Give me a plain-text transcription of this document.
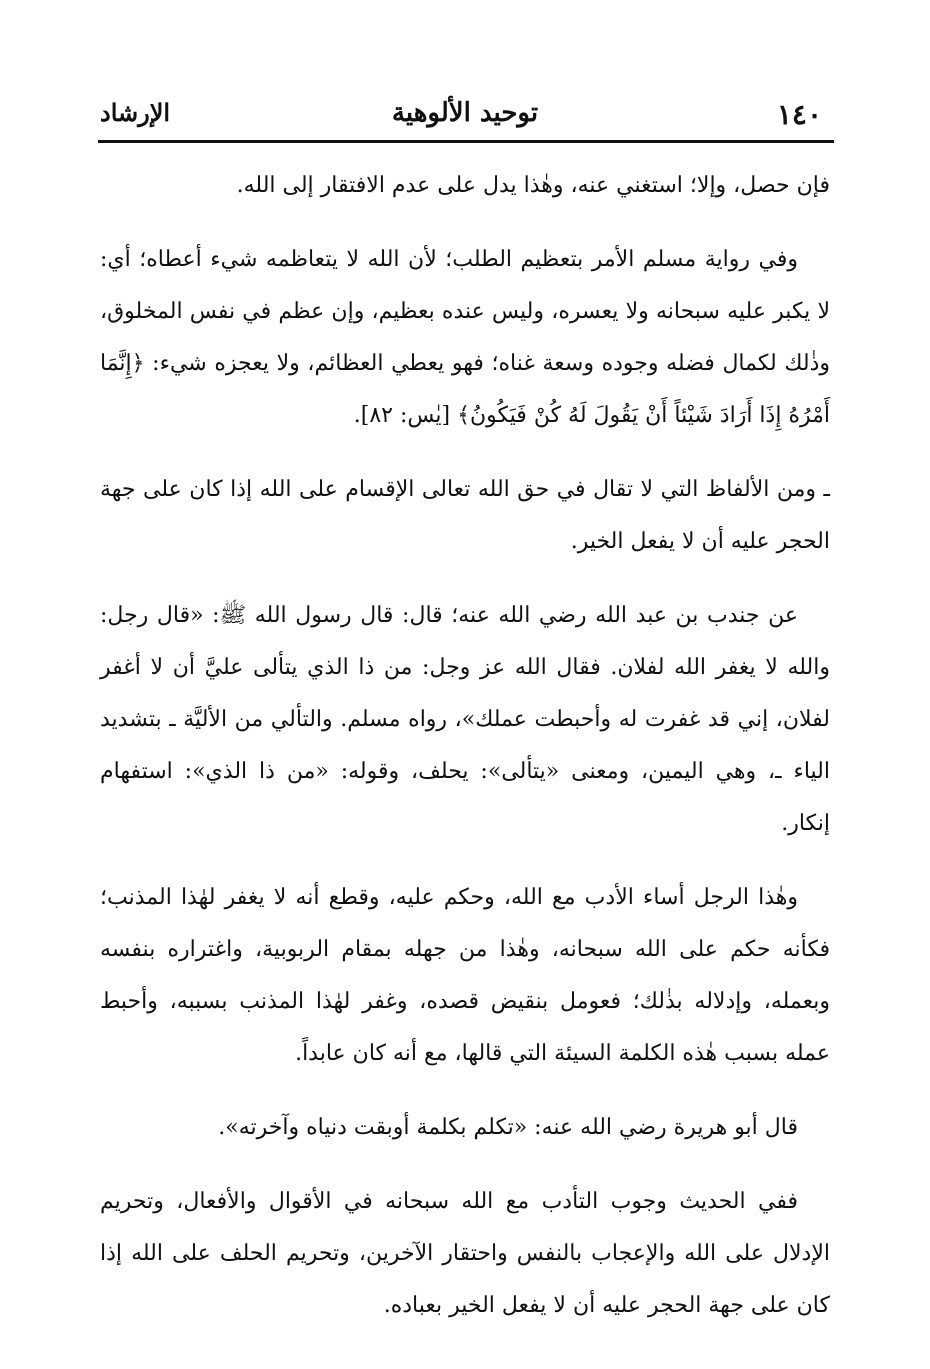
١٤٠
توحيد الألوهية
الإرشاد

فإن حصل، وإلا؛ استغني عنه، وهٰذا يدل على عدم الافتقار إلى الله.

وفي رواية مسلم الأمر بتعظيم الطلب؛ لأن الله لا يتعاظمه شيء أعطاه؛ أي: لا يكبر عليه سبحانه ولا يعسره، وليس عنده بعظيم، وإن عظم في نفس المخلوق، وذٰلك لكمال فضله وجوده وسعة غناه؛ فهو يعطي العظائم، ولا يعجزه شيء: ﴿إِنَّمَا أَمْرُهُ إِذَا أَرَادَ شَيْئاً أَنْ يَقُولَ لَهُ كُنْ فَيَكُونُ﴾ [يٰس: ٨٢].

ـ ومن الألفاظ التي لا تقال في حق الله تعالى الإقسام على الله إذا كان على جهة الحجر عليه أن لا يفعل الخير.

عن جندب بن عبد الله رضي الله عنه؛ قال: قال رسول الله ﷺ: «قال رجل: والله لا يغفر الله لفلان. فقال الله عز وجل: من ذا الذي يتألى عليَّ أن لا أغفر لفلان، إني قد غفرت له وأحبطت عملك»، رواه مسلم. والتألي من الأليَّة ـ بتشديد الياء ـ، وهي اليمين، ومعنى «يتألى»: يحلف، وقوله: «من ذا الذي»: استفهام إنكار.

وهٰذا الرجل أساء الأدب مع الله، وحكم عليه، وقطع أنه لا يغفر لهٰذا المذنب؛ فكأنه حكم على الله سبحانه، وهٰذا من جهله بمقام الربوبية، واغتراره بنفسه وبعمله، وإدلاله بذٰلك؛ فعومل بنقيض قصده، وغفر لهٰذا المذنب بسببه، وأحبط عمله بسبب هٰذه الكلمة السيئة التي قالها، مع أنه كان عابداً.

قال أبو هريرة رضي الله عنه: «تكلم بكلمة أوبقت دنياه وآخرته».

ففي الحديث وجوب التأدب مع الله سبحانه في الأقوال والأفعال، وتحريم الإدلال على الله والإعجاب بالنفس واحتقار الآخرين، وتحريم الحلف على الله إذا كان على جهة الحجر عليه أن لا يفعل الخير بعباده.
